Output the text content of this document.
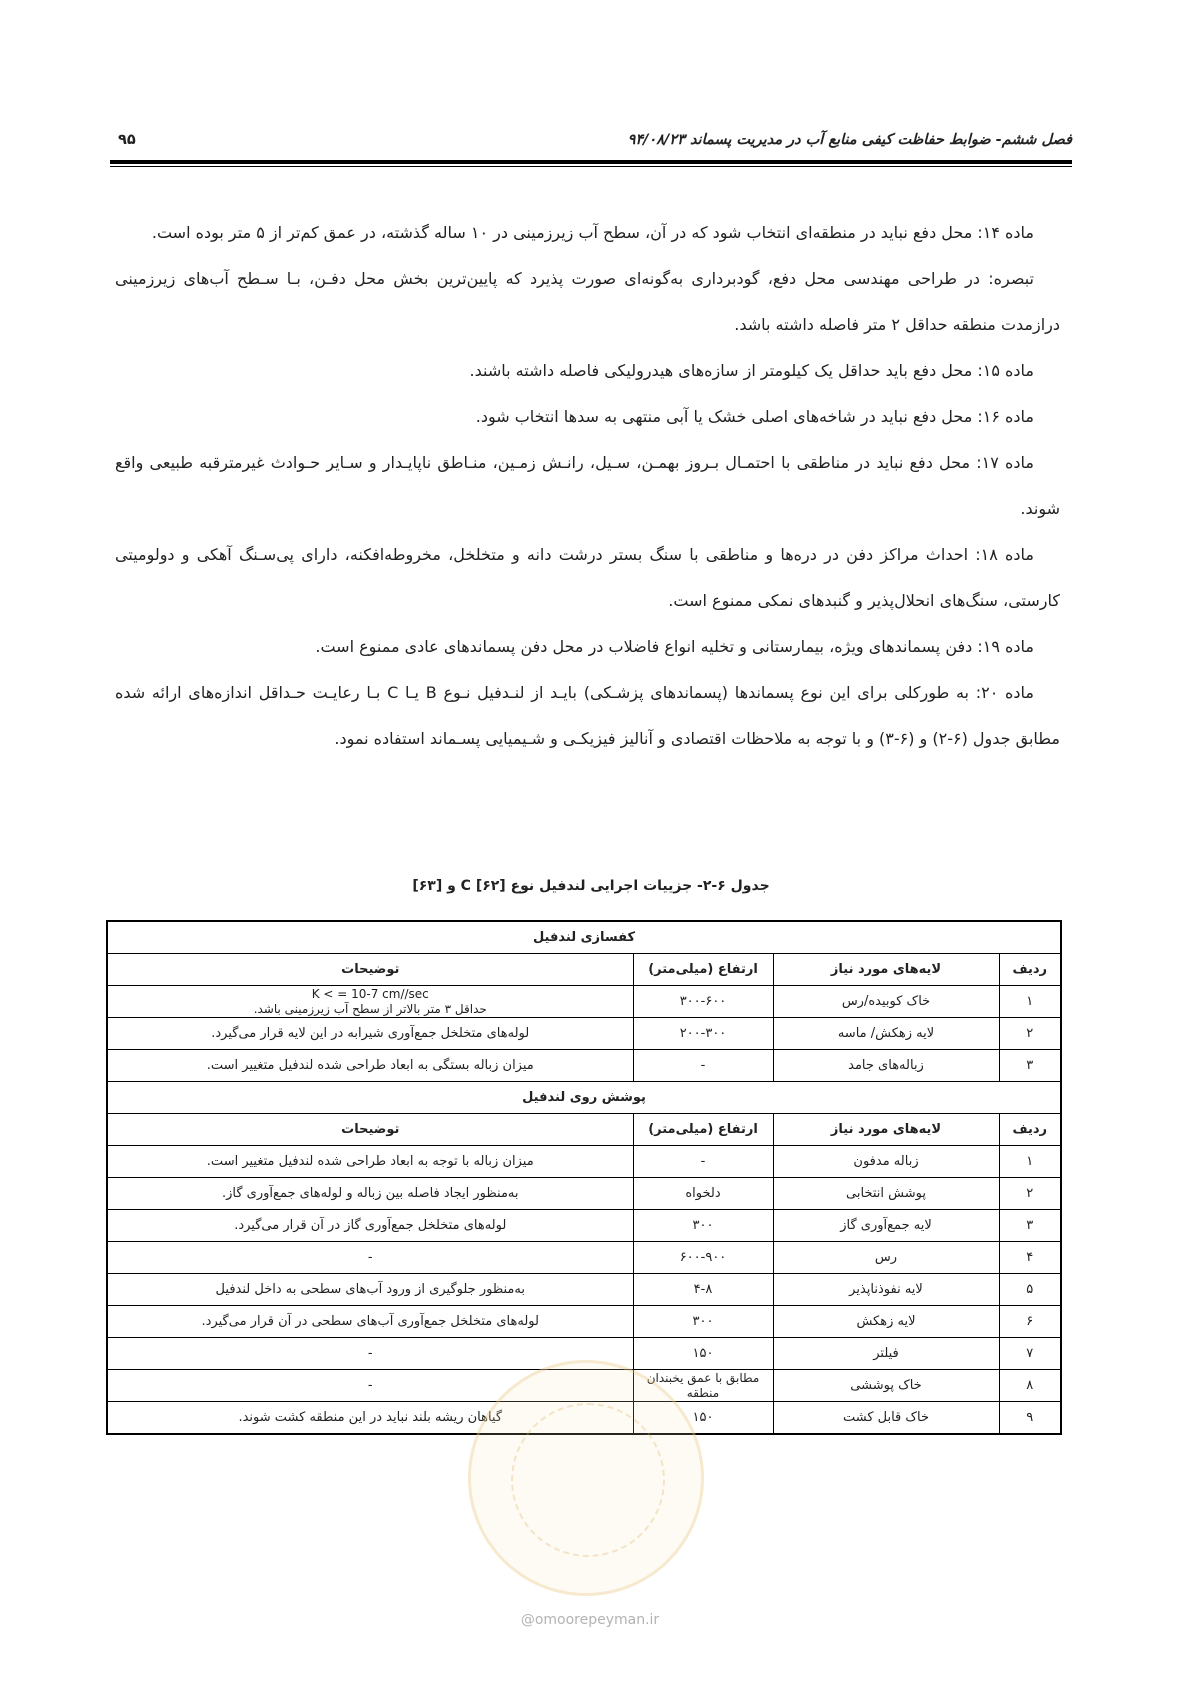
فصل ششم- ضوابط حفاظت کیفی منابع آب در مدیریت پسماند ۹۴/۰۸/۲۳
۹۵

ماده ۱۴: محل دفع نباید در منطقه‌ای انتخاب شود که در آن، سطح آب زیرزمینی در ۱۰ ساله گذشته، در عمق کم‌تر از ۵ متر بوده است.

تبصره: در طراحی مهندسی محل دفع، گودبرداری به‌گونه‌ای صورت پذیرد که پایین‌ترین بخش محل دفـن، بـا سـطح آب‌های زیرزمینی درازمدت منطقه حداقل ۲ متر فاصله داشته باشد.

ماده ۱۵: محل دفع باید حداقل یک کیلومتر از سازه‌های هیدرولیکی فاصله داشته باشند.

ماده ۱۶: محل دفع نباید در شاخه‌های اصلی خشک یا آبی منتهی به سدها انتخاب شود.

ماده ۱۷: محل دفع نباید در مناطقی با احتمـال بـروز بهمـن، سـیل، رانـش زمـین، منـاطق ناپایـدار و سـایر حـوادث غیرمترقبه طبیعی واقع شوند.

ماده ۱۸: احداث مراکز دفن در دره‌ها و مناطقی با سنگ بستر درشت دانه و متخلخل، مخروطه‌افکنه، دارای پی‌سـنگ آهکی و دولومیتی کارستی، سنگ‌های انحلال‌پذیر و گنبدهای نمکی ممنوع است.

ماده ۱۹: دفن پسماندهای ویژه، بیمارستانی و تخلیه انواع فاضلاب در محل دفن پسماندهای عادی ممنوع است.

ماده ۲۰: به طورکلی برای این نوع پسماندها (پسماندهای پزشـکی) بایـد از لنـدفیل نـوع B یـا C بـا رعایـت حـداقل اندازه‌های ارائه شده مطابق جدول (۶-۲) و (۶-۳) و با توجه به ملاحظات اقتصادی و آنالیز فیزیکـی و شـیمیایی پسـماند استفاده نمود.

جدول ۶-۲- جزییات اجرایی لندفیل نوع C [۶۲] و [۶۳]
کفسازی لندفیل			
ردیف	لایه‌های مورد نیاز	ارتفاع (میلی‌متر)	توضیحات
۱	خاک کوبیده/رس	۳۰۰-۶۰۰	K < = 10-7 cm//sec
حداقل ۳ متر بالاتر از سطح آب زیرزمینی باشد.

۲	لایه زهکش/ ماسه	۲۰۰-۳۰۰	لوله‌های متخلخل جمع‌آوری شیرابه در این لایه قرار می‌گیرد.
۳	زباله‌های جامد	-	میزان زباله بستگی به ابعاد طراحی شده لندفیل متغییر است.
پوشش روی لندفیل			
ردیف	لایه‌های مورد نیاز	ارتفاع (میلی‌متر)	توضیحات
۱	زباله مدفون	-	میزان زباله با توجه به ابعاد طراحی شده لندفیل متغییر است.
۲	پوشش انتخابی	دلخواه	به‌منظور ایجاد فاصله بین زباله و لوله‌های جمع‌آوری گاز.
۳	لایه جمع‌آوری گاز	۳۰۰	لوله‌های متخلخل جمع‌آوری گاز در آن قرار می‌گیرد.
۴	رس	۶۰۰-۹۰۰	-
۵	لایه نفوذناپذیر	۴-۸	به‌منظور جلوگیری از ورود آب‌های سطحی به داخل لندفیل
۶	لایه زهکش	۳۰۰	لوله‌های متخلخل جمع‌آوری آب‌های سطحی در آن قرار می‌گیرد.
۷	فیلتر	۱۵۰	-
۸	خاک پوششی	مطابق با عمق یخبندان منطقه	-
۹	خاک قابل کشت	۱۵۰	گیاهان ریشه بلند نباید در این منطقه کشت شوند.
@omoorepeyman.ir
